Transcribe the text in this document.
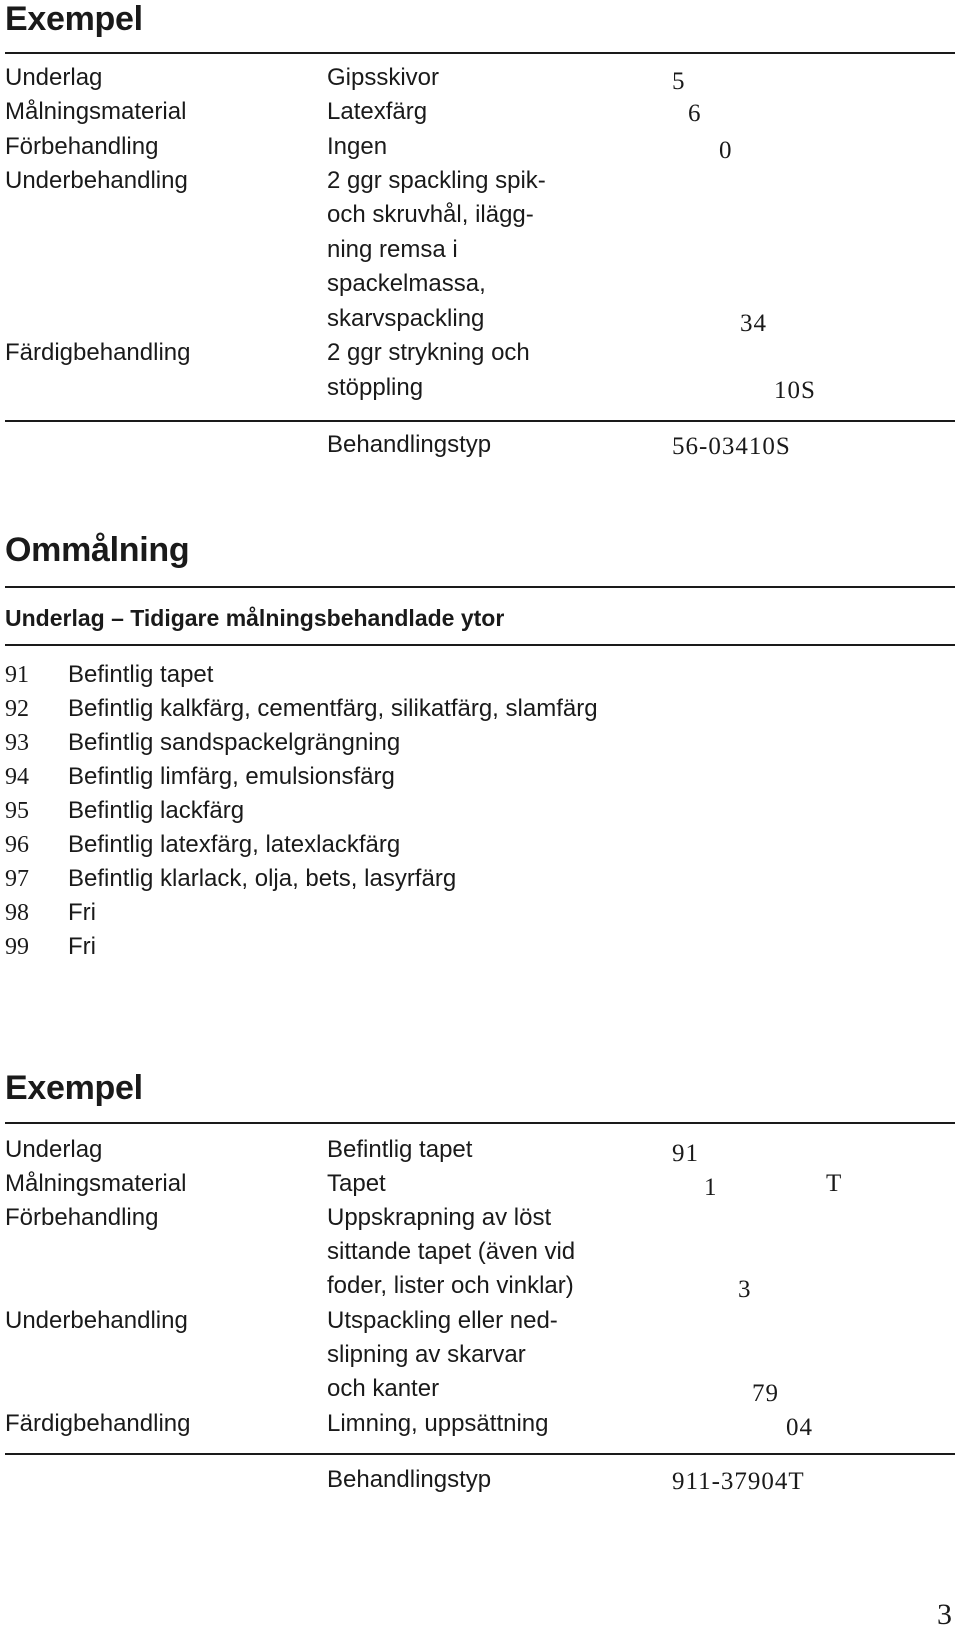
Exempel
Underlag	Gipsskivor	5
Målningsmaterial	Latexfärg	6
Förbehandling	Ingen	0
Underbehandling	2 ggr spackling spik-
och skruvhål, ilägg-
ning remsa i
spackelmassa,
skarvspackling	34
Färdigbehandling	2 ggr strykning och
stöppling	10S
Behandlingstyp	56-03410S
Ommålning
Underlag – Tidigare målningsbehandlade ytor
91 Befintlig tapet
92 Befintlig kalkfärg, cementfärg, silikatfärg, slamfärg
93 Befintlig sandspackelgrängning
94 Befintlig limfärg, emulsionsfärg
95 Befintlig lackfärg
96 Befintlig latexfärg, latexlackfärg
97 Befintlig klarlack, olja, bets, lasyrfärg
98 Fri
99 Fri
Exempel
Underlag	Befintlig tapet	91
Målningsmaterial	Tapet	1	T
Förbehandling	Uppskrapning av löst
sittande tapet (även vid
foder, lister och vinklar)	3
Underbehandling	Utspackling eller ned-
slipning av skarvar
och kanter	79
Färdigbehandling	Limning, uppsättning	04
Behandlingstyp	911-37904T
3
